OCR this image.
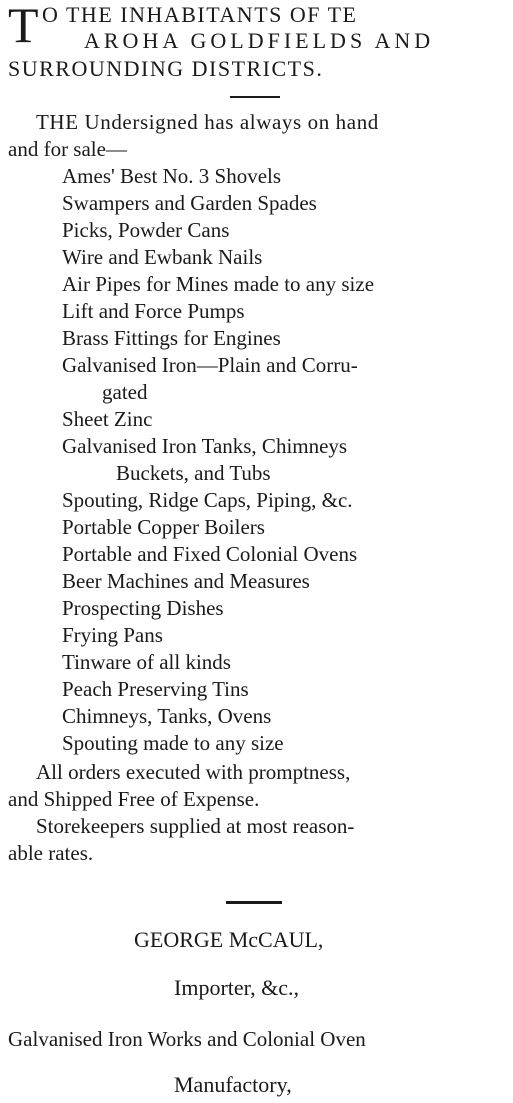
T O THE INHABITANTS OF TE
AROHA GOLDFIELDS AND
SURROUNDING DISTRICTS.
THE Undersigned has always on hand
and for sale—
Ames' Best No. 3 Shovels
Swampers and Garden Spades
Picks, Powder Cans
Wire and Ewbank Nails
Air Pipes for Mines made to any size
Lift and Force Pumps
Brass Fittings for Engines
Galvanised Iron—Plain and Corru-
gated
Sheet Zinc
Galvanised Iron Tanks, Chimneys
Buckets, and Tubs
Spouting, Ridge Caps, Piping, &c.
Portable Copper Boilers
Portable and Fixed Colonial Ovens
Beer Machines and Measures
Prospecting Dishes
Frying Pans
Tinware of all kinds
Peach Preserving Tins
Chimneys, Tanks, Ovens
Spouting made to any size
All orders executed with promptness,
and Shipped Free of Expense.
Storekeepers supplied at most reason-
able rates.
GEORGE McCAUL,
Importer, &c.,
Galvanised Iron Works and Colonial Oven
Manufactory,
